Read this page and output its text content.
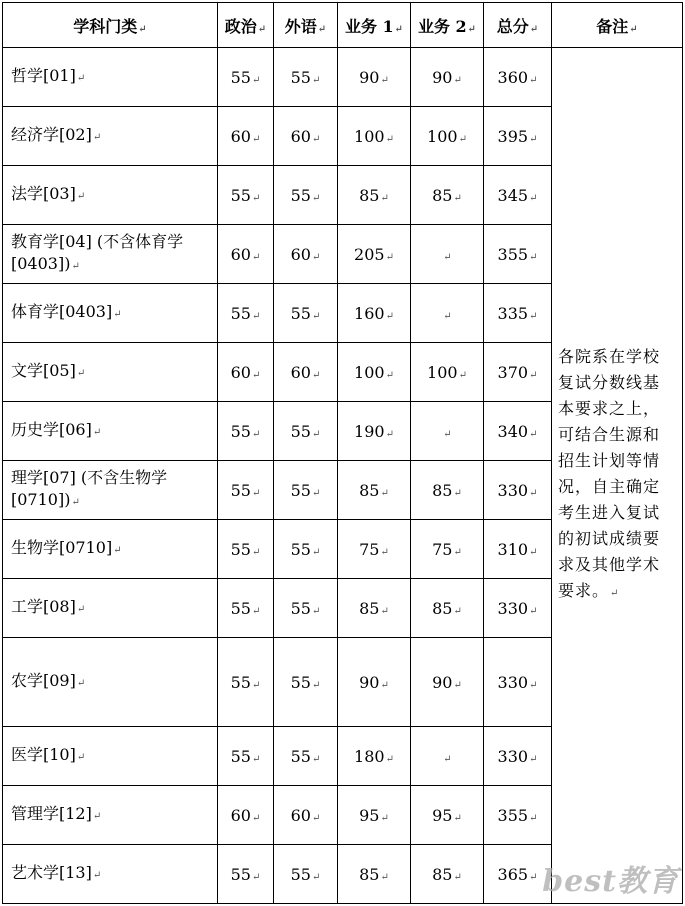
学科门类↵	政治↵	外语↵	业务 1↵	业务 2↵	总分↵	备注↵
哲学[01]↵	55↵	55↵	90↵	90↵	360↵	各院系在学校复试分数线基本要求之上，可结合生源和招生计划等情况，自主确定考生进入复试的初试成绩要求及其他学术要求。↵
经济学[02]↵	60↵	60↵	100↵	100↵	395↵	
法学[03]↵	55↵	55↵	85↵	85↵	345↵	
教育学[04] (不含体育学[0403])↵	60↵	60↵	205↵	↵	355↵	
体育学[0403]↵	55↵	55↵	160↵	↵	335↵	
文学[05]↵	60↵	60↵	100↵	100↵	370↵	
历史学[06]↵	55↵	55↵	190↵	↵	340↵	
理学[07] (不含生物学[0710])↵	55↵	55↵	85↵	85↵	330↵	
生物学[0710]↵	55↵	55↵	75↵	75↵	310↵	
工学[08]↵	55↵	55↵	85↵	85↵	330↵	
农学[09]↵	55↵	55↵	90↵	90↵	330↵	
医学[10]↵	55↵	55↵	180↵	↵	330↵	
管理学[12]↵	60↵	60↵	95↵	95↵	355↵	
艺术学[13]↵	55↵	55↵	85↵	85↵	365↵	best教育
